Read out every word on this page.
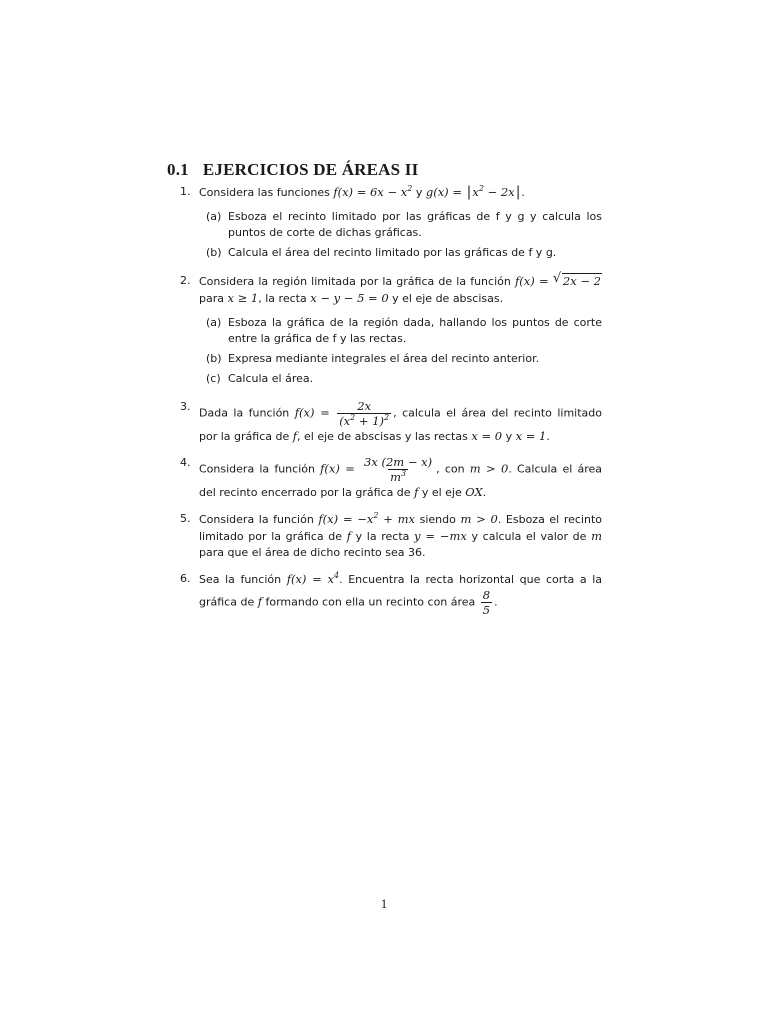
0.1 EJERCICIOS DE ÁREAS II
1. Considera las funciones $f(x) = 6x - x^2$ y $g(x) = |x^2 - 2x|$.
(a) Esboza el recinto limitado por las gráficas de f y g y calcula los puntos de corte de dichas gráficas.
(b) Calcula el área del recinto limitado por las gráficas de f y g.
2. Considera la región limitada por la gráfica de la función f(x) = √ 2x − 2 para x ≥ 1, la recta x − y − 5 = 0 y el eje de abscisas.
(a) Esboza la gráfica de la región dada, hallando los puntos de corte entre la gráfica de f y las rectas.
(b) Expresa mediante integrales el área del recinto anterior.
(c) Calcula el área.
3. Dada la función $f(x) = \frac{2x}{(x^2 + 1)^2}$ , calcula el área del recinto limitado por la gráfica de f, el eje de abscisas y las rectas x = 0 y x = 1.
4. Considera la función $f(x) = \frac{3x (2m - x)}{m^3}$ , con m > 0. Calcula el área del recinto encerrado por la gráfica de f y el eje OX.
5. Considera la función $f(x) = -x^2$ + mx siendo m > 0. Esboza el recinto limitado por la gráfica de f y la recta y = −mx y calcula el valor de m para que el área de dicho recinto sea 36.
6. Sea la función $f(x) = x^4$. Encuentra la recta horizontal que corta a la gráfica de f formando con ella un recinto con área $\frac{8}{5}$ .
1
